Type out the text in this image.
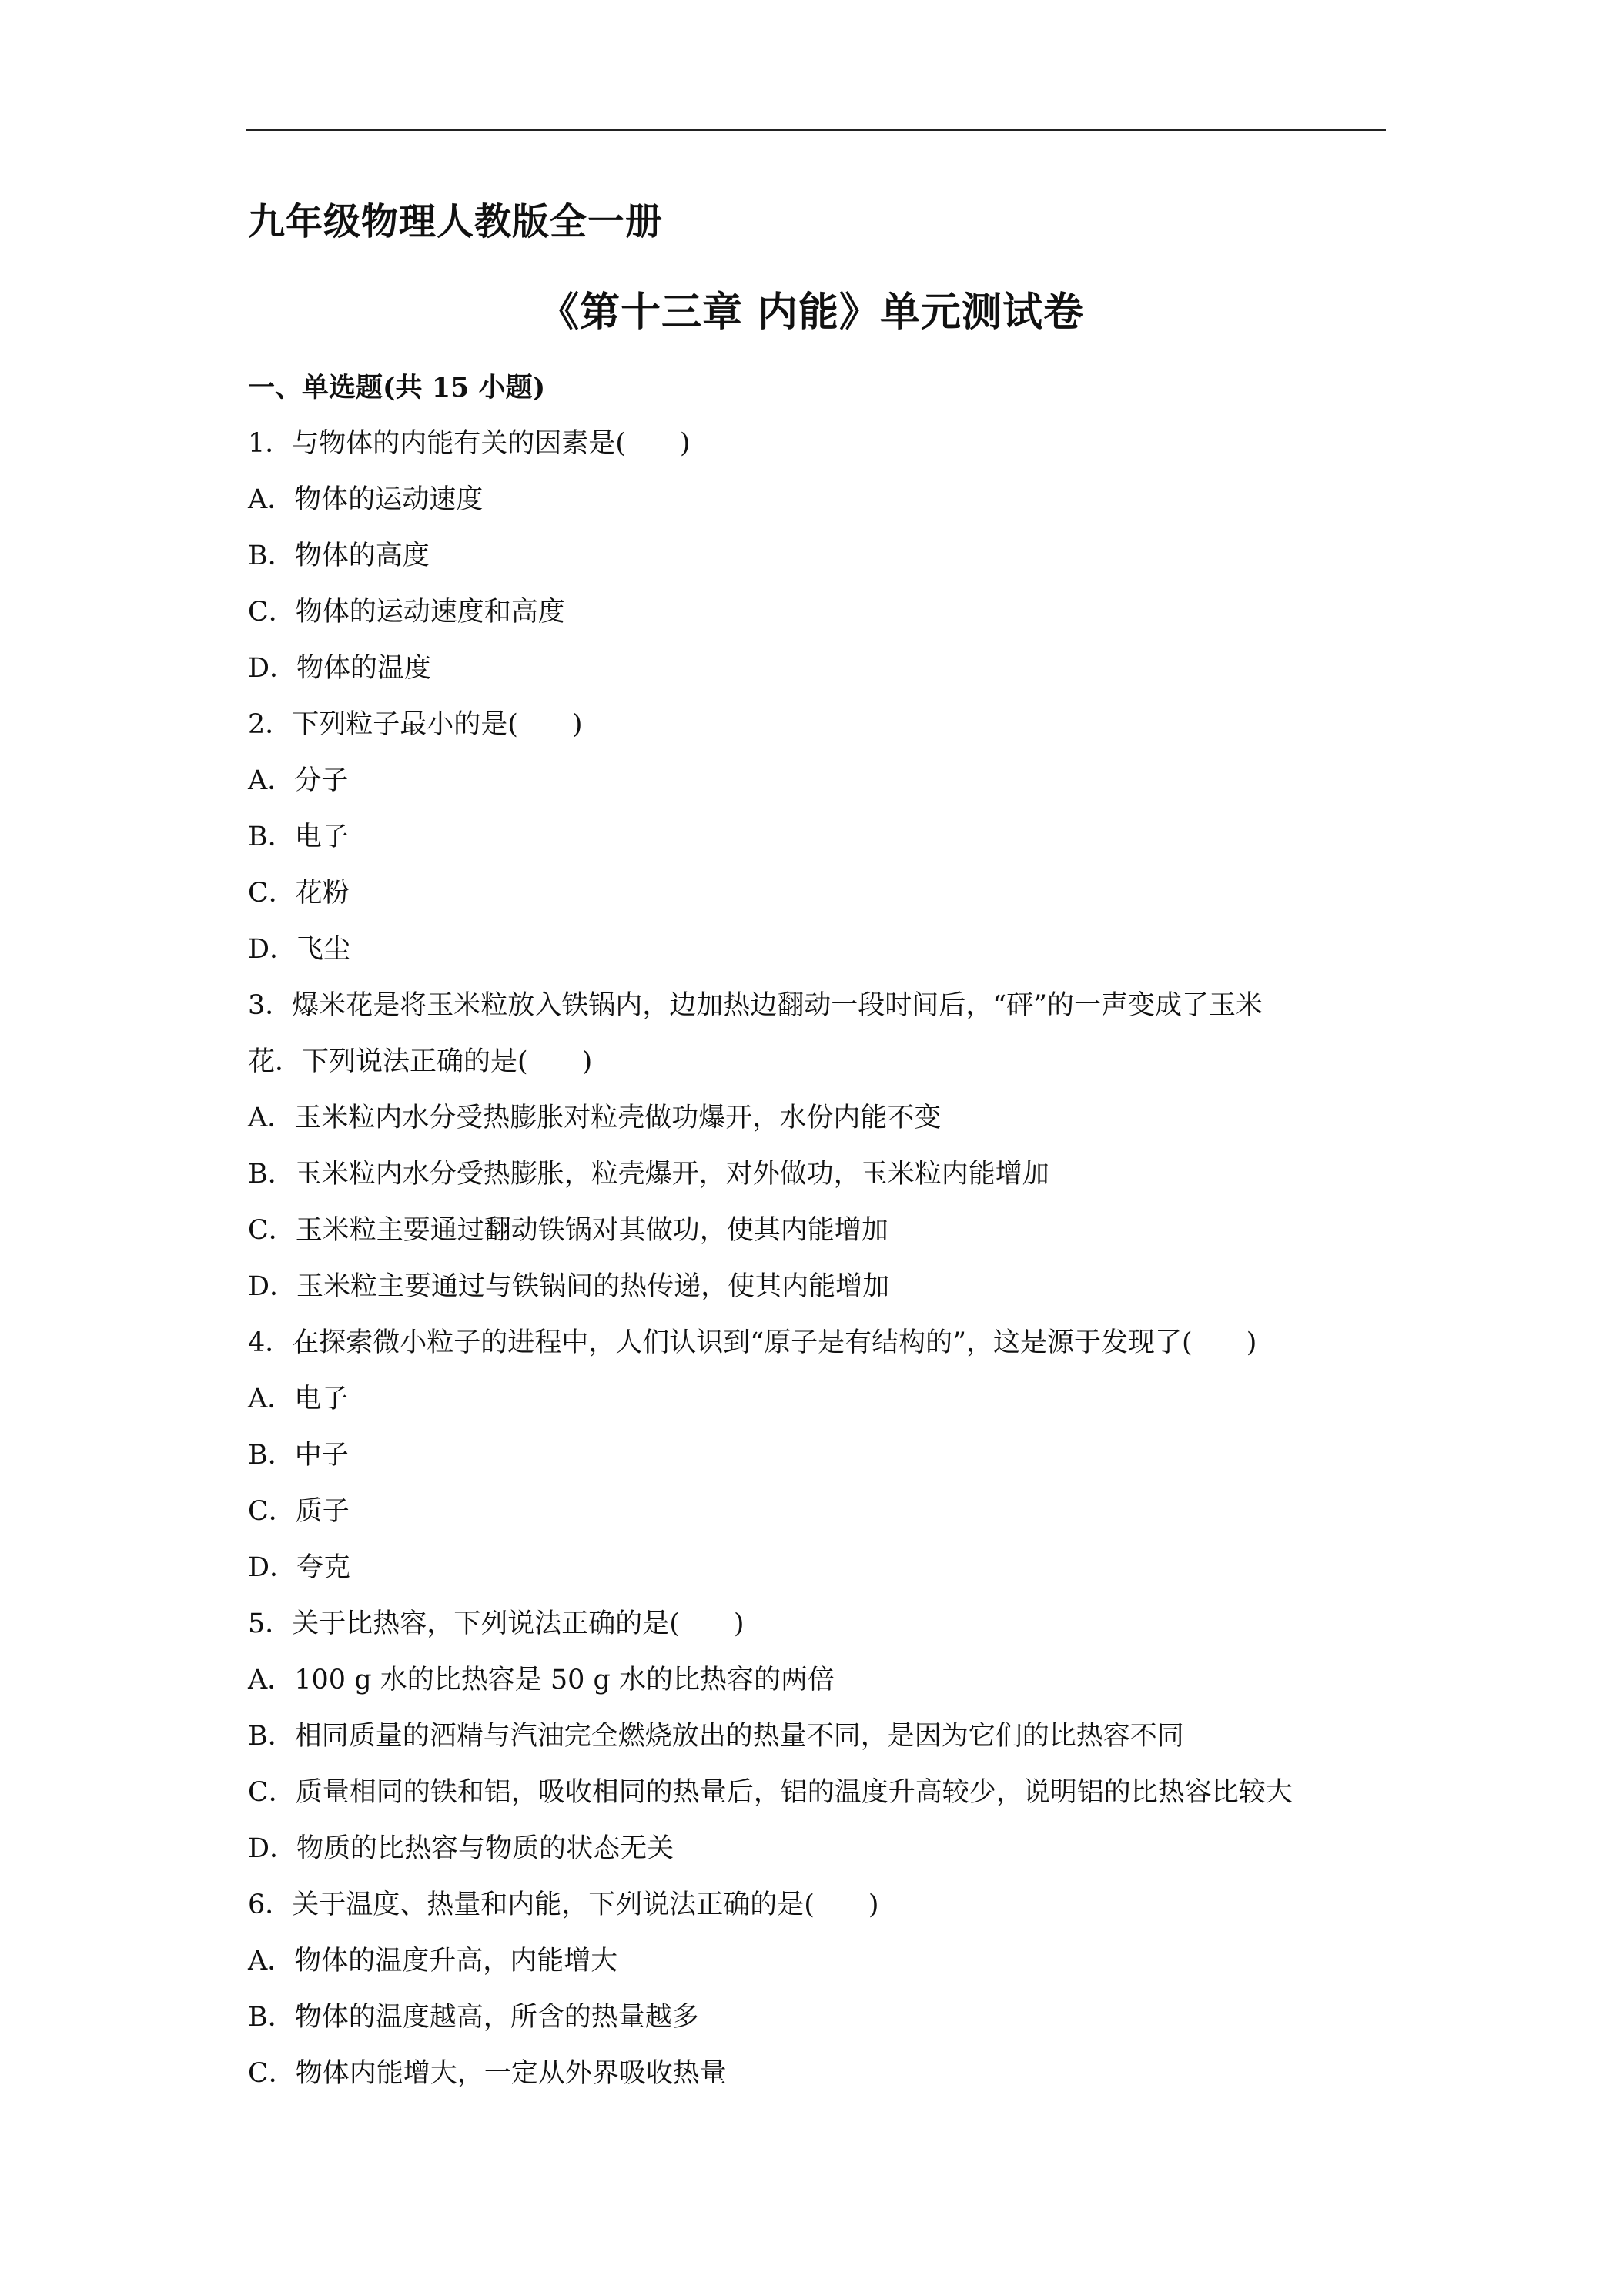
九年级物理人教版全一册
《第十三章 内能》单元测试卷
一、单选题(共 15 小题)
1．与物体的内能有关的因素是(　　)
A．物体的运动速度
B．物体的高度
C．物体的运动速度和高度
D．物体的温度
2．下列粒子最小的是(　　)
A．分子
B．电子
C．花粉
D．飞尘
3．爆米花是将玉米粒放入铁锅内，边加热边翻动一段时间后，“砰”的一声变成了玉米
花．下列说法正确的是(　　)
A．玉米粒内水分受热膨胀对粒壳做功爆开，水份内能不变
B．玉米粒内水分受热膨胀，粒壳爆开，对外做功，玉米粒内能增加
C．玉米粒主要通过翻动铁锅对其做功，使其内能增加
D．玉米粒主要通过与铁锅间的热传递，使其内能增加
4．在探索微小粒子的进程中，人们认识到“原子是有结构的”，这是源于发现了(　　)
A．电子
B．中子
C．质子
D．夸克
5．关于比热容，下列说法正确的是(　　)
A．100 g 水的比热容是 50 g 水的比热容的两倍
B．相同质量的酒精与汽油完全燃烧放出的热量不同，是因为它们的比热容不同
C．质量相同的铁和铝，吸收相同的热量后，铝的温度升高较少，说明铝的比热容比较大
D．物质的比热容与物质的状态无关
6．关于温度、热量和内能，下列说法正确的是(　　)
A．物体的温度升高，内能增大
B．物体的温度越高，所含的热量越多
C．物体内能增大，一定从外界吸收热量
